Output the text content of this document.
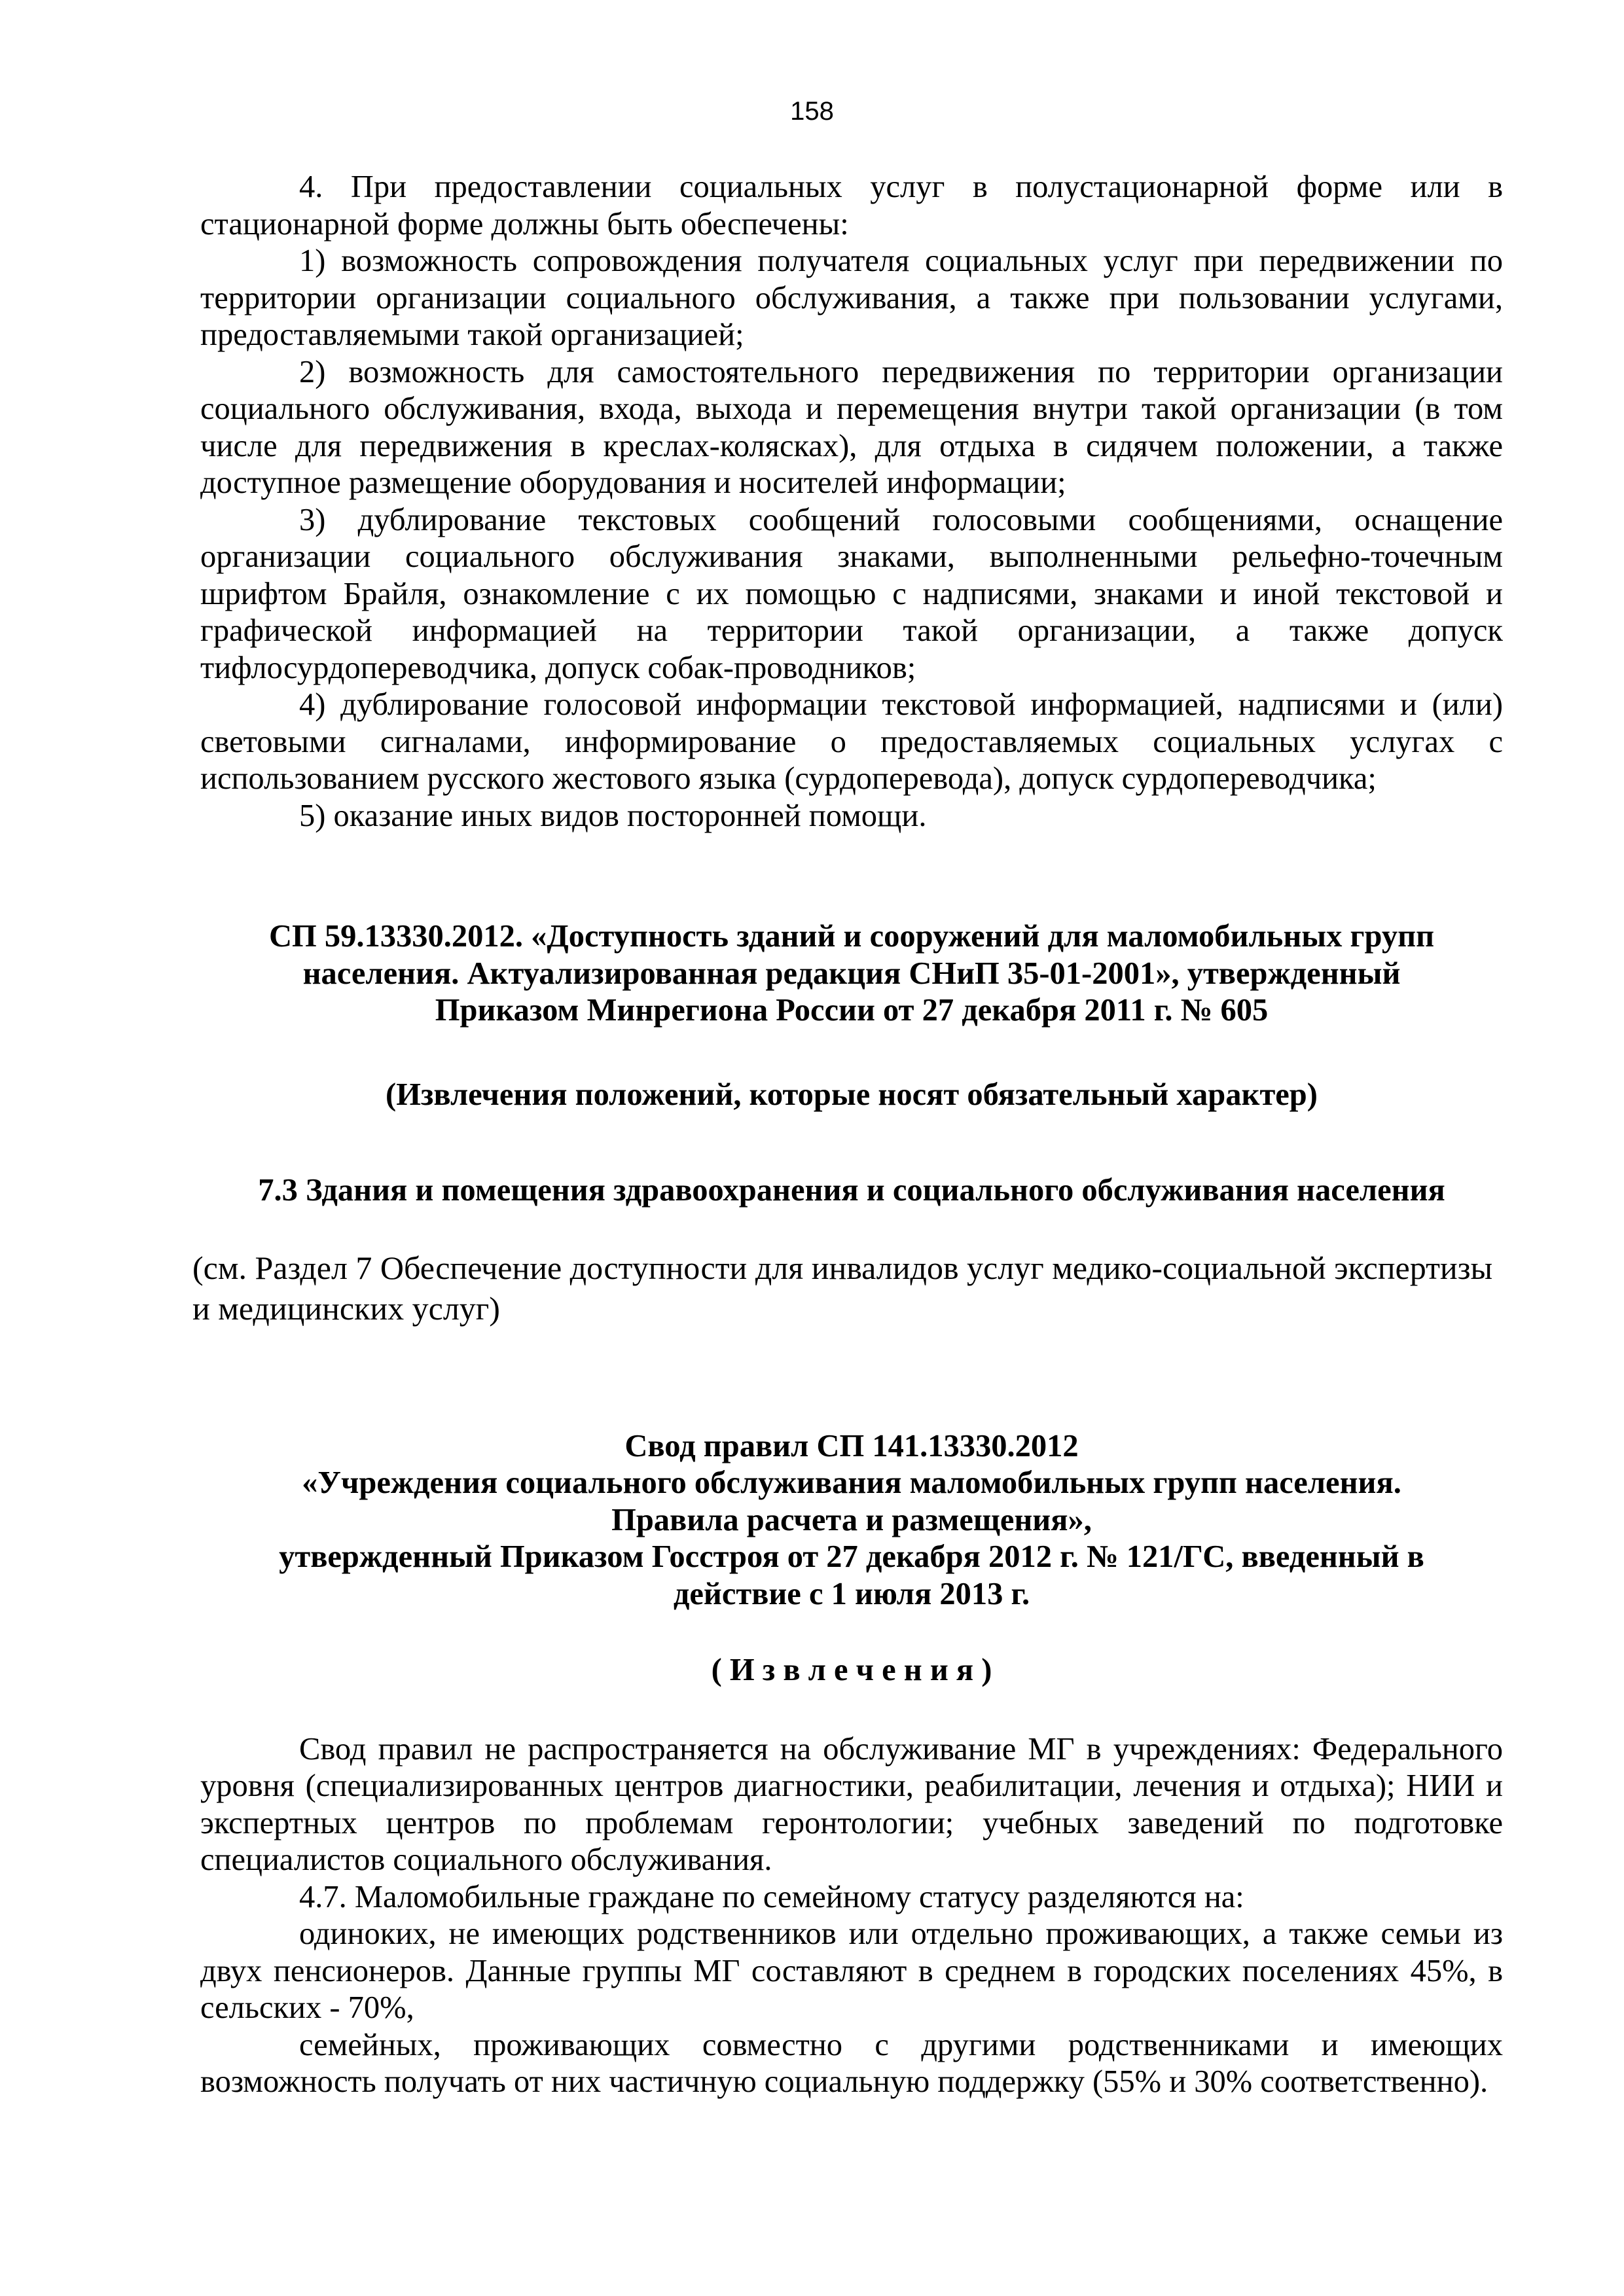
158

4. При предоставлении социальных услуг в полустационарной форме или в стационарной форме должны быть обеспечены:

1) возможность сопровождения получателя социальных услуг при передвижении по территории организации социального обслуживания, а также при пользовании услугами, предоставляемыми такой организацией;

2) возможность для самостоятельного передвижения по территории организации социального обслуживания, входа, выхода и перемещения внутри такой организации (в том числе для передвижения в креслах-колясках), для отдыха в сидячем положении, а также доступное размещение оборудования и носителей информации;

3) дублирование текстовых сообщений голосовыми сообщениями, оснащение организации социального обслуживания знаками, выполненными рельефно-точечным шрифтом Брайля, ознакомление с их помощью с надписями, знаками и иной текстовой и графической информацией на территории такой организации, а также допуск тифлосурдопереводчика, допуск собак-проводников;

4) дублирование голосовой информации текстовой информацией, надписями и (или) световыми сигналами, информирование о предоставляемых социальных услугах с использованием русского жестового языка (сурдоперевода), допуск сурдопереводчика;

5) оказание иных видов посторонней помощи.

СП 59.13330.2012. «Доступность зданий и сооружений для маломобильных групп
населения. Актуализированная редакция СНиП 35-01-2001», утвержденный
Приказом Минрегиона России от 27 декабря 2011 г. № 605
(Извлечения положений, которые носят обязательный характер)
7.3 Здания и помещения здравоохранения и социального обслуживания населения
(см. Раздел 7 Обеспечение доступности для инвалидов услуг медико-социальной экспертизы
и медицинских услуг)
Свод правил СП 141.13330.2012
«Учреждения социального обслуживания маломобильных групп населения.
Правила расчета и размещения»,
утвержденный Приказом Госстроя от 27 декабря 2012 г. № 121/ГС, введенный в
действие с 1 июля 2013 г.
( И з в л е ч е н и я )

Свод правил не распространяется на обслуживание МГ в учреждениях: Федерального уровня (специализированных центров диагностики, реабилитации, лечения и отдыха); НИИ и экспертных центров по проблемам геронтологии; учебных заведений по подготовке специалистов социального обслуживания.

4.7. Маломобильные граждане по семейному статусу разделяются на:

одиноких, не имеющих родственников или отдельно проживающих, а также семьи из двух пенсионеров. Данные группы МГ составляют в среднем в городских поселениях 45%, в сельских - 70%,

семейных, проживающих совместно с другими родственниками и имеющих возможность получать от них частичную социальную поддержку (55% и 30% соответственно).
